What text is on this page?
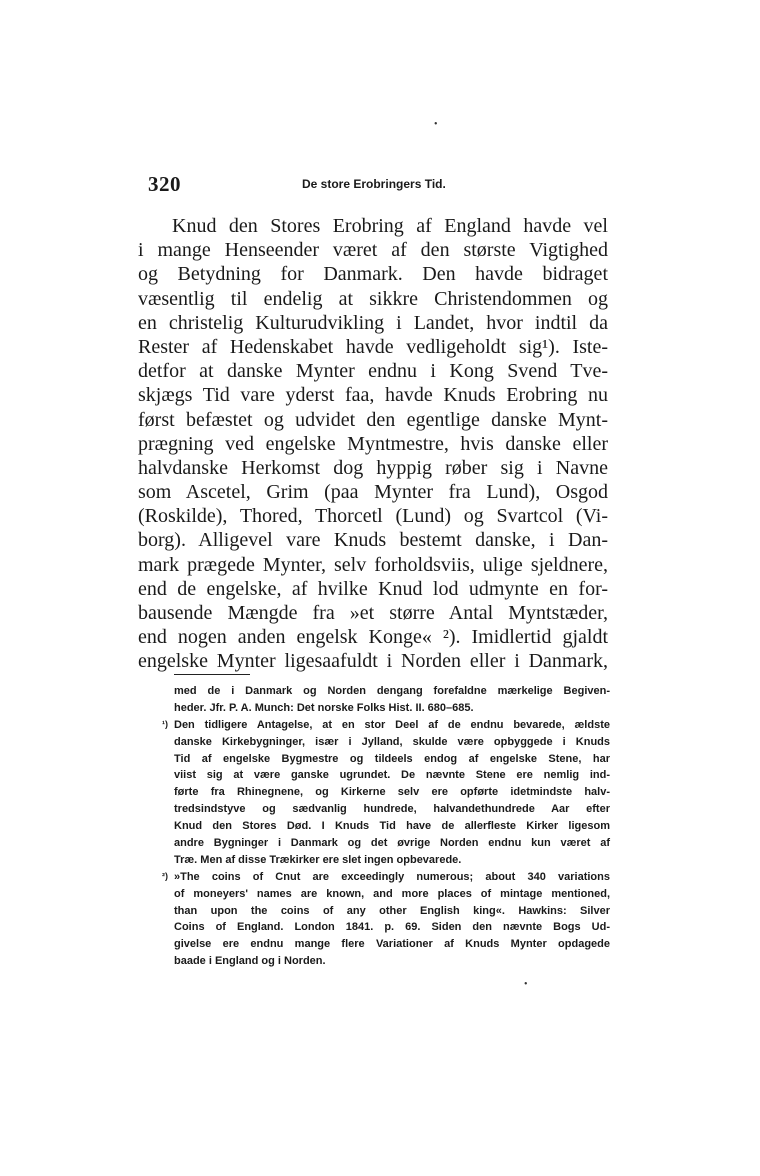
•
•
320	De store Erobringers Tid.
Knud den Stores Erobring af England havde vel
i mange Henseender været af den største Vigtighed
og Betydning for Danmark. Den havde bidraget
væsentlig til endelig at sikkre Christendommen og
en christelig Kulturudvikling i Landet, hvor indtil da
Rester af Hedenskabet havde vedligeholdt sig¹). Iste-
detfor at danske Mynter endnu i Kong Svend Tve-
skjægs Tid vare yderst faa, havde Knuds Erobring nu
først befæstet og udvidet den egentlige danske Mynt-
prægning ved engelske Myntmestre, hvis danske eller
halvdanske Herkomst dog hyppig røber sig i Navne
som Ascetel, Grim (paa Mynter fra Lund), Osgod
(Roskilde), Thored, Thorcetl (Lund) og Svartcol (Vi-
borg). Alligevel vare Knuds bestemt danske, i Dan-
mark prægede Mynter, selv forholdsviis, ulige sjeldnere,
end de engelske, af hvilke Knud lod udmynte en for-
bausende Mængde fra »et større Antal Myntstæder,
end nogen anden engelsk Konge« ²). Imidlertid gjaldt
engelske Mynter ligesaafuldt i Norden eller i Danmark,
med de i Danmark og Norden dengang forefaldne mærkelige Begiven-
heder. Jfr. P. A. Munch: Det norske Folks Hist. II. 680–685.
¹) Den tidligere Antagelse, at en stor Deel af de endnu bevarede, ældste
danske Kirkebygninger, især i Jylland, skulde være opbyggede i Knuds
Tid af engelske Bygmestre og tildeels endog af engelske Stene, har
viist sig at være ganske ugrundet. De nævnte Stene ere nemlig ind-
førte fra Rhinegnene, og Kirkerne selv ere opførte idetmindste halv-
tredsindstyve og sædvanlig hundrede, halvandethundrede Aar efter
Knud den Stores Død. I Knuds Tid have de allerfleste Kirker ligesom
andre Bygninger i Danmark og det øvrige Norden endnu kun været af
Træ. Men af disse Trækirker ere slet ingen opbevarede.
²) »The coins of Cnut are exceedingly numerous; about 340 variations
of moneyers' names are known, and more places of mintage mentioned,
than upon the coins of any other English king«. Hawkins: Silver
Coins of England. London 1841. p. 69. Siden den nævnte Bogs Ud-
givelse ere endnu mange flere Variationer af Knuds Mynter opdagede
baade i England og i Norden.
